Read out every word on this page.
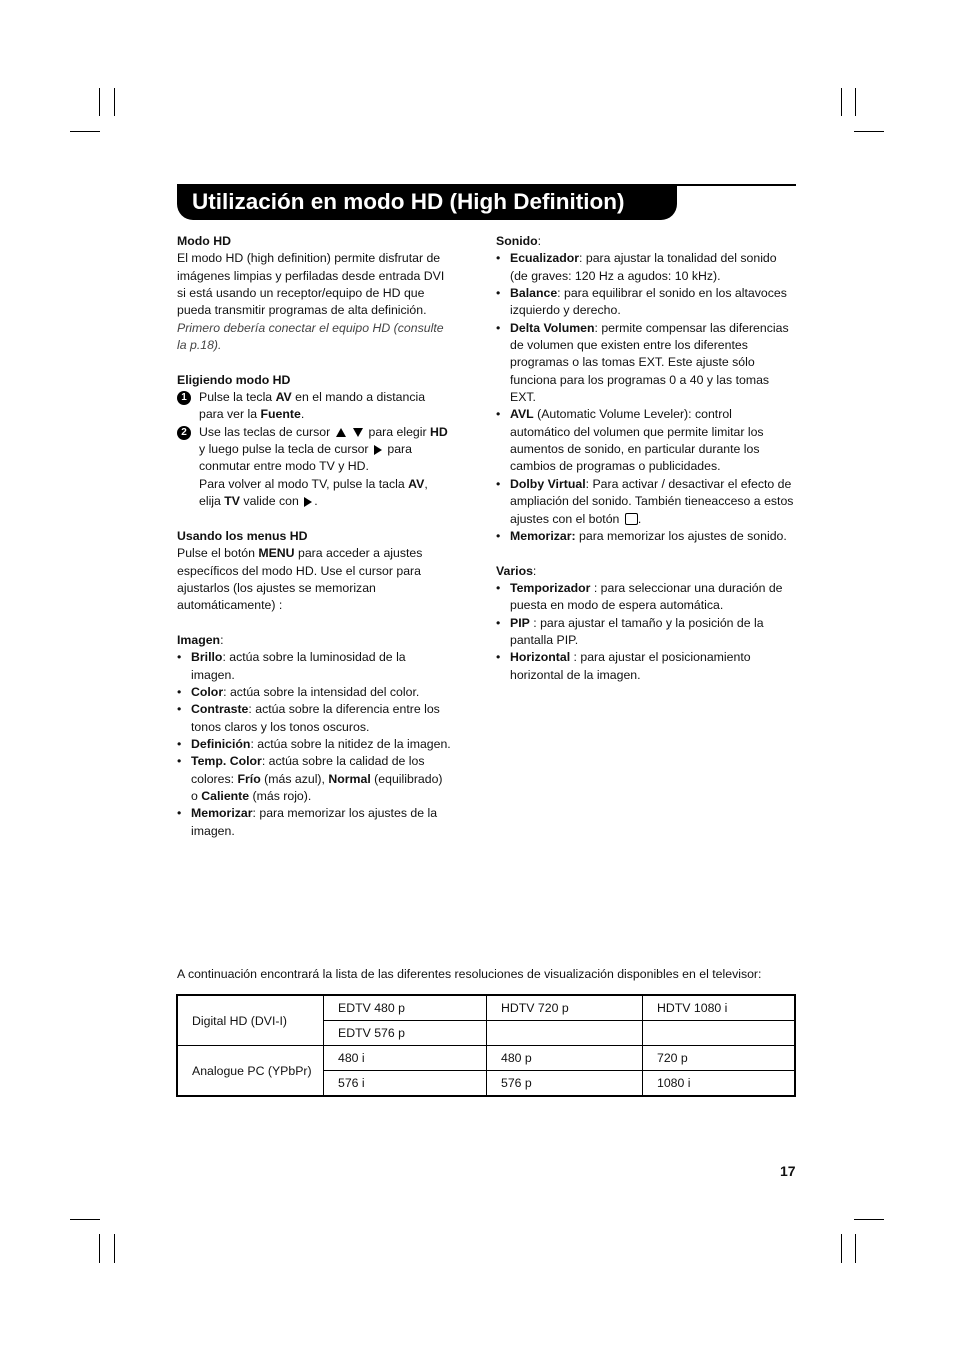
Utilización en modo HD (High Definition)

Modo HD

El modo HD (high definition) permite disfrutar de imágenes limpias y perfiladas desde entrada DVI si está usando un receptor/equipo de HD que pueda transmitir programas de alta definición.

Primero debería conectar el equipo HD (consulte la p.18).

Eligiendo modo HD

1 Pulse la tecla AV en el mando a distancia para ver la Fuente.
2 Use las teclas de cursor	para elegir HD y luego pulse la tecla de cursor  para conmutar entre modo TV y HD.
Para volver al modo TV, pulse la tacla AV, elija TV valide con .

Usando los menus HD

Pulse el botón MENU para acceder a ajustes específicos del modo HD. Use el cursor para ajustarlos (los ajustes se memorizan automáticamente) :

Imagen:

• Brillo: actúa sobre la luminosidad de la imagen.
• Color: actúa sobre la intensidad del color.
• Contraste: actúa sobre la diferencia entre los tonos claros y los tonos oscuros.
• Definición: actúa sobre la nitidez de la imagen.
• Temp. Color: actúa sobre la calidad de los colores: Frío (más azul), Normal (equilibrado) o Caliente (más rojo).
• Memorizar: para memorizar los ajustes de la imagen.

Sonido:

• Ecualizador: para ajustar la tonalidad del sonido (de graves: 120 Hz a agudos: 10 kHz).
• Balance: para equilibrar el sonido en los altavoces izquierdo y derecho.
• Delta Volumen: permite compensar las diferencias de volumen que existen entre los diferentes programas o las tomas EXT. Este ajuste sólo funciona para los programas 0 a 40 y las tomas EXT.
• AVL (Automatic Volume Leveler): control automático del volumen que permite limitar los aumentos de sonido, en particular durante los cambios de programas o publicidades.
• Dolby Virtual: Para activar / desactivar el efecto de ampliación del sonido. También tieneacceso a estos ajustes con el botón .
• Memorizar: para memorizar los ajustes de sonido.

Varios:

• Temporizador : para seleccionar una duración de puesta en modo de espera automática.
• PIP : para ajustar el tamaño y la posición de la pantalla PIP.
• Horizontal : para ajustar el posicionamiento horizontal de la imagen.
A continuación encontrará la lista de las diferentes resoluciones de visualización disponibles en el televisor:
Digital HD (DVI-I)	EDTV 480 p	HDTV 720 p	HDTV 1080 i
	EDTV 576 p		
Analogue PC (YPbPr)	480 i	480 p	720 p
	576 i	576 p	1080 i
17
